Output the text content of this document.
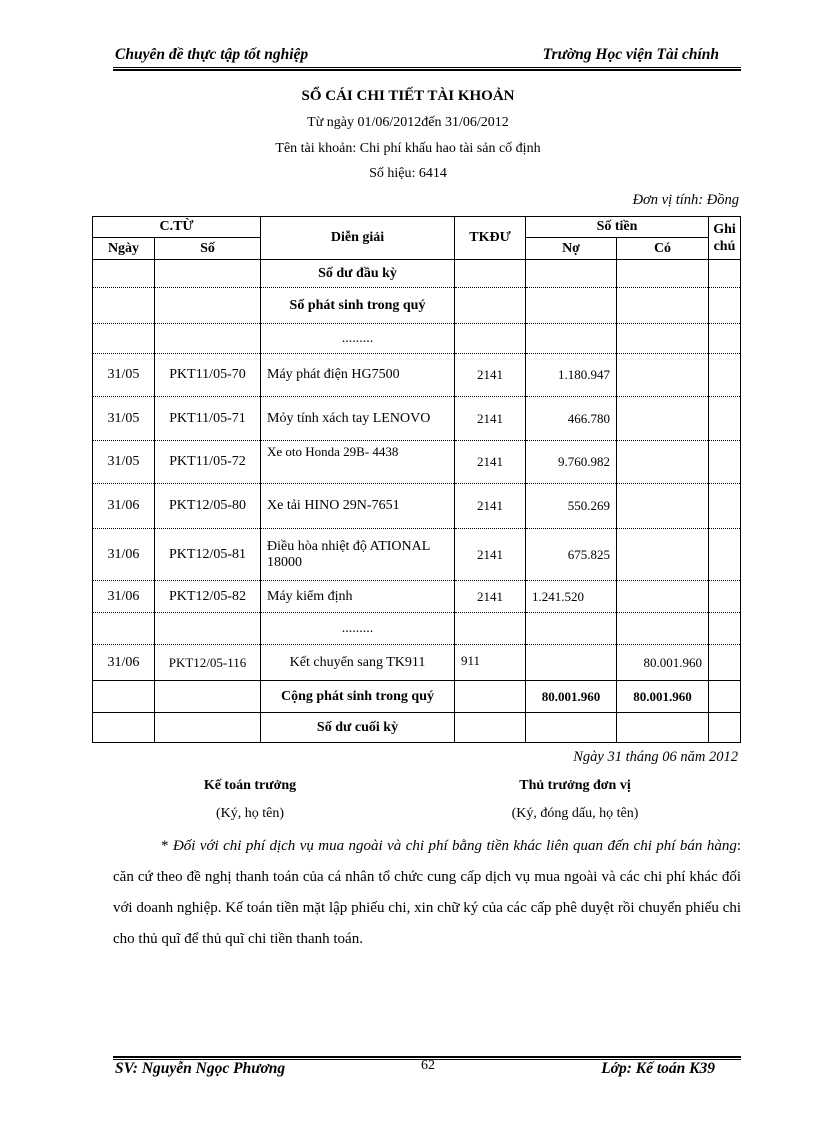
Chuyên đề thực tập tốt nghiệp	Trường Học viện Tài chính
SỔ CÁI CHI TIẾT TÀI KHOẢN
Từ ngày 01/06/2012đến 31/06/2012
Tên tài khoản: Chi phí khấu hao tài sản cố định
Số hiệu: 6414
Đơn vị tính: Đồng
C.TỪ		Diễn giải	TKĐƯ	Số tiền		Ghi chú
Ngày	Số			Nợ	Có	
		Số dư đầu kỳ				
		Số phát sinh trong quý				
		.........				
31/05	PKT11/05-70	Máy phát điện HG7500	2141	1.180.947		
31/05	PKT11/05-71	Mỏy tính xách tay LENOVO	2141	466.780		
31/05	PKT11/05-72	Xe oto Honda 29B- 4438	2141	9.760.982		
31/06	PKT12/05-80	Xe tải HINO 29N-7651	2141	550.269		
31/06	PKT12/05-81	Điều hòa nhiệt độ ATIONAL 18000	2141	675.825		
31/06	PKT12/05-82	Máy kiểm định	2141	1.241.520		
		.........				
31/06	PKT12/05-116	Kết chuyển sang TK911	911		80.001.960	
		Cộng phát sinh trong quý		80.001.960	80.001.960	
		Số dư cuối kỳ				
Ngày 31 tháng 06 năm 2012
Kế toán trưởng
(Ký, họ tên)
Thủ trưởng đơn vị
(Ký, đóng dấu, họ tên)
* Đối với chi phí dịch vụ mua ngoài và chi phí bằng tiền khác liên quan đến chi phí bán hàng: căn cứ theo đề nghị thanh toán của cá nhân tổ chức cung cấp dịch vụ mua ngoài và các chi phí khác đối với doanh nghiệp. Kế toán tiền mặt lập phiếu chi, xin chữ ký của các cấp phê duyệt rồi chuyển phiếu chi cho thủ quĩ để thủ quĩ chi tiền thanh toán.
SV: Nguyễn Ngọc Phương	62	Lớp: Kế toán K39
